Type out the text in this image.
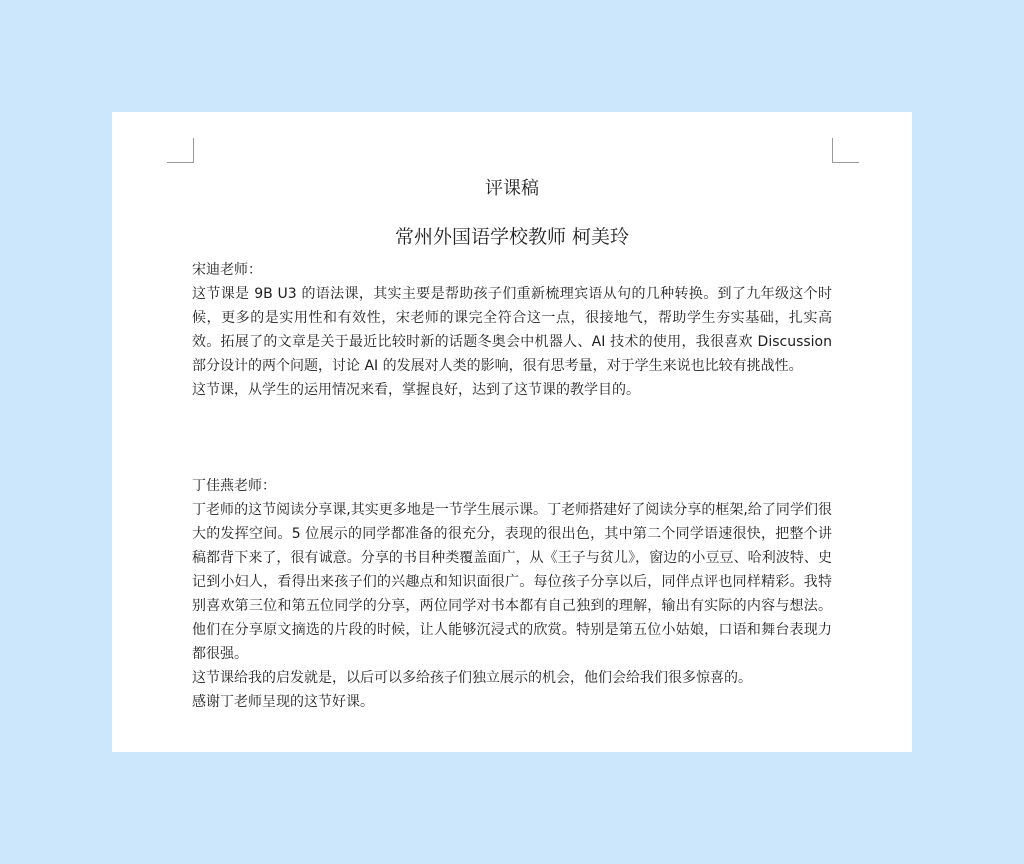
评课稿
常州外国语学校教师 柯美玲

宋迪老师：

这节课是 9B U3 的语法课，其实主要是帮助孩子们重新梳理宾语从句的几种转换。到了九年级这个时候，更多的是实用性和有效性，宋老师的课完全符合这一点，很接地气，帮助学生夯实基础，扎实高效。拓展了的文章是关于最近比较时新的话题冬奥会中机器人、AI 技术的使用，我很喜欢 Discussion 部分设计的两个问题，讨论 AI 的发展对人类的影响，很有思考量，对于学生来说也比较有挑战性。

这节课，从学生的运用情况来看，掌握良好，达到了这节课的教学目的。

丁佳燕老师：

丁老师的这节阅读分享课,其实更多地是一节学生展示课。丁老师搭建好了阅读分享的框架,给了同学们很大的发挥空间。5 位展示的同学都准备的很充分，表现的很出色，其中第二个同学语速很快，把整个讲稿都背下来了，很有诚意。分享的书目种类覆盖面广，从《王子与贫儿》，窗边的小豆豆、哈利波特、史记到小妇人，看得出来孩子们的兴趣点和知识面很广。每位孩子分享以后，同伴点评也同样精彩。我特别喜欢第三位和第五位同学的分享，两位同学对书本都有自己独到的理解，输出有实际的内容与想法。他们在分享原文摘选的片段的时候，让人能够沉浸式的欣赏。特别是第五位小姑娘，口语和舞台表现力都很强。

这节课给我的启发就是，以后可以多给孩子们独立展示的机会，他们会给我们很多惊喜的。

感谢丁老师呈现的这节好课。
